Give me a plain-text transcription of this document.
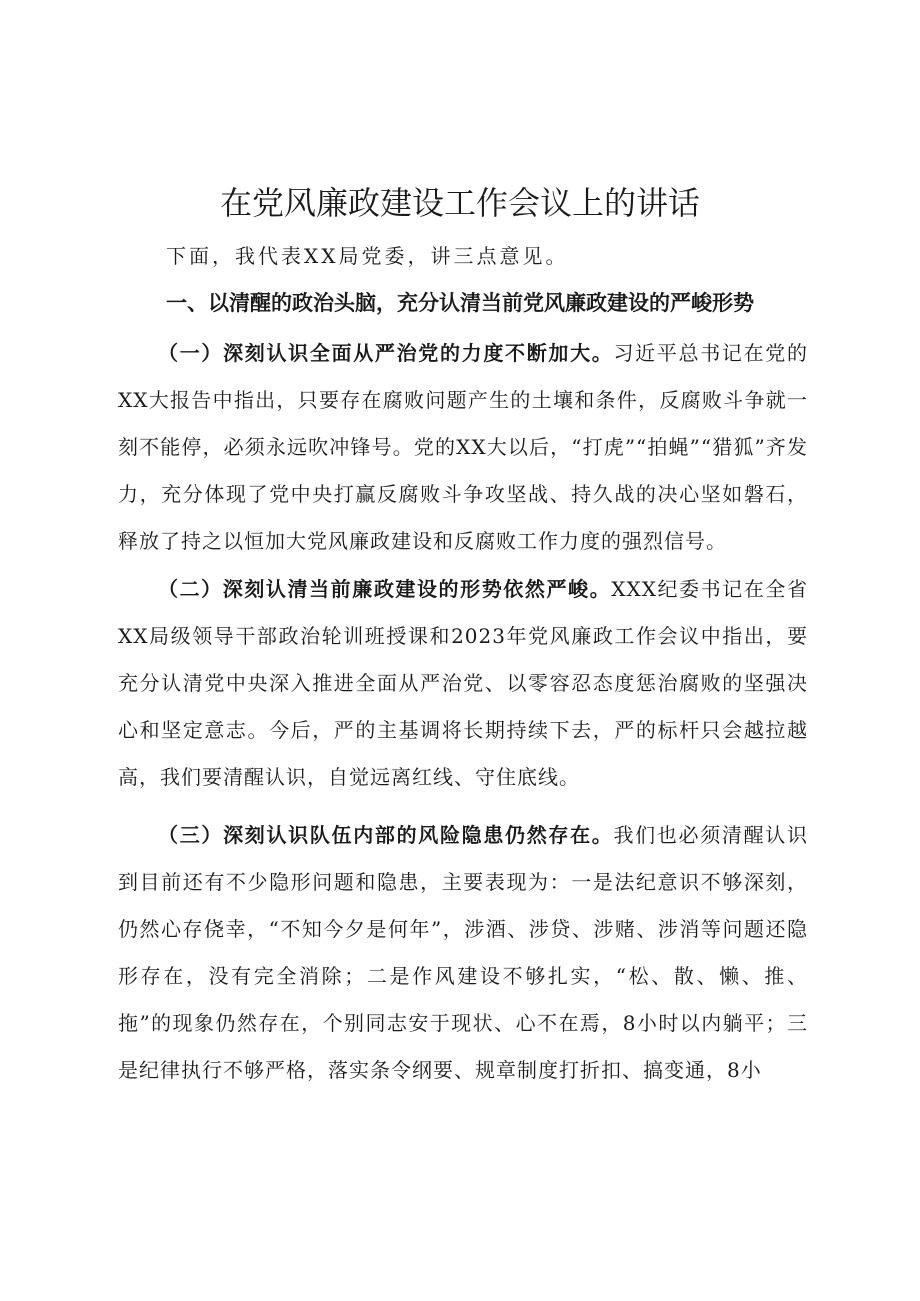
在党风廉政建设工作会议上的讲话

下面，我代表XX局党委，讲三点意见。

一、以清醒的政治头脑，充分认清当前党风廉政建设的严峻形势

（一）深刻认识全面从严治党的力度不断加大。习近平总书记在党的XX大报告中指出，只要存在腐败问题产生的土壤和条件，反腐败斗争就一刻不能停，必须永远吹冲锋号。党的XX大以后，“打虎”“拍蝇”“猎狐”齐发力，充分体现了党中央打赢反腐败斗争攻坚战、持久战的决心坚如磐石，释放了持之以恒加大党风廉政建设和反腐败工作力度的强烈信号。

（二）深刻认清当前廉政建设的形势依然严峻。XXX纪委书记在全省XX局级领导干部政治轮训班授课和2023年党风廉政工作会议中指出，要充分认清党中央深入推进全面从严治党、以零容忍态度惩治腐败的坚强决心和坚定意志。今后，严的主基调将长期持续下去，严的标杆只会越拉越高，我们要清醒认识，自觉远离红线、守住底线。

（三）深刻认识队伍内部的风险隐患仍然存在。我们也必须清醒认识到目前还有不少隐形问题和隐患，主要表现为：一是法纪意识不够深刻，仍然心存侥幸，“不知今夕是何年”，涉酒、涉贷、涉赌、涉消等问题还隐形存在，没有完全消除；二是作风建设不够扎实，“松、散、懒、推、拖”的现象仍然存在，个别同志安于现状、心不在焉，8小时以内躺平；三是纪律执行不够严格，落实条令纲要、规章制度打折扣、搞变通，8小
